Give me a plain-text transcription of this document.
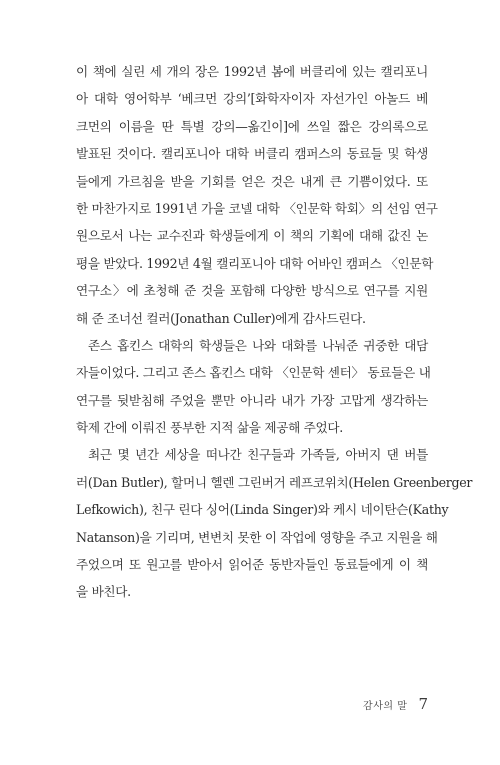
이 책에 실린 세 개의 장은 1992년 봄에 버클리에 있는 캘리포니
아 대학 영어학부 ‘베크먼 강의’[화학자이자 자선가인 아놀드 베
크먼의 이름을 딴 특별 강의—옮긴이]에 쓰일 짧은 강의록으로
발표된 것이다. 캘리포니아 대학 버클리 캠퍼스의 동료들 및 학생
들에게 가르침을 받을 기회를 얻은 것은 내게 큰 기쁨이었다. 또
한 마찬가지로 1991년 가을 코넬 대학 〈인문학 학회〉의 선임 연구
원으로서 나는 교수진과 학생들에게 이 책의 기획에 대해 값진 논
평을 받았다. 1992년 4월 캘리포니아 대학 어바인 캠퍼스 〈인문학
연구소〉에 초청해 준 것을 포함해 다양한 방식으로 연구를 지원
해 준 조너선 컬러(Jonathan Culler)에게 감사드린다.
존스 홉킨스 대학의 학생들은 나와 대화를 나눠준 귀중한 대담
자들이었다. 그리고 존스 홉킨스 대학 〈인문학 센터〉 동료들은 내
연구를 뒷받침해 주었을 뿐만 아니라 내가 가장 고맙게 생각하는
학제 간에 이뤄진 풍부한 지적 삶을 제공해 주었다.
최근 몇 년간 세상을 떠나간 친구들과 가족들, 아버지 댄 버틀
러(Dan Butler), 할머니 헬렌 그린버거 레프코위치(Helen Greenberger
Lefkowich), 친구 린다 싱어(Linda Singer)와 케시 네이탄슨(Kathy
Natanson)을 기리며, 변변치 못한 이 작업에 영향을 주고 지원을 해
주었으며 또 원고를 받아서 읽어준 동반자들인 동료들에게 이 책
을 바친다.
감사의 말 7
